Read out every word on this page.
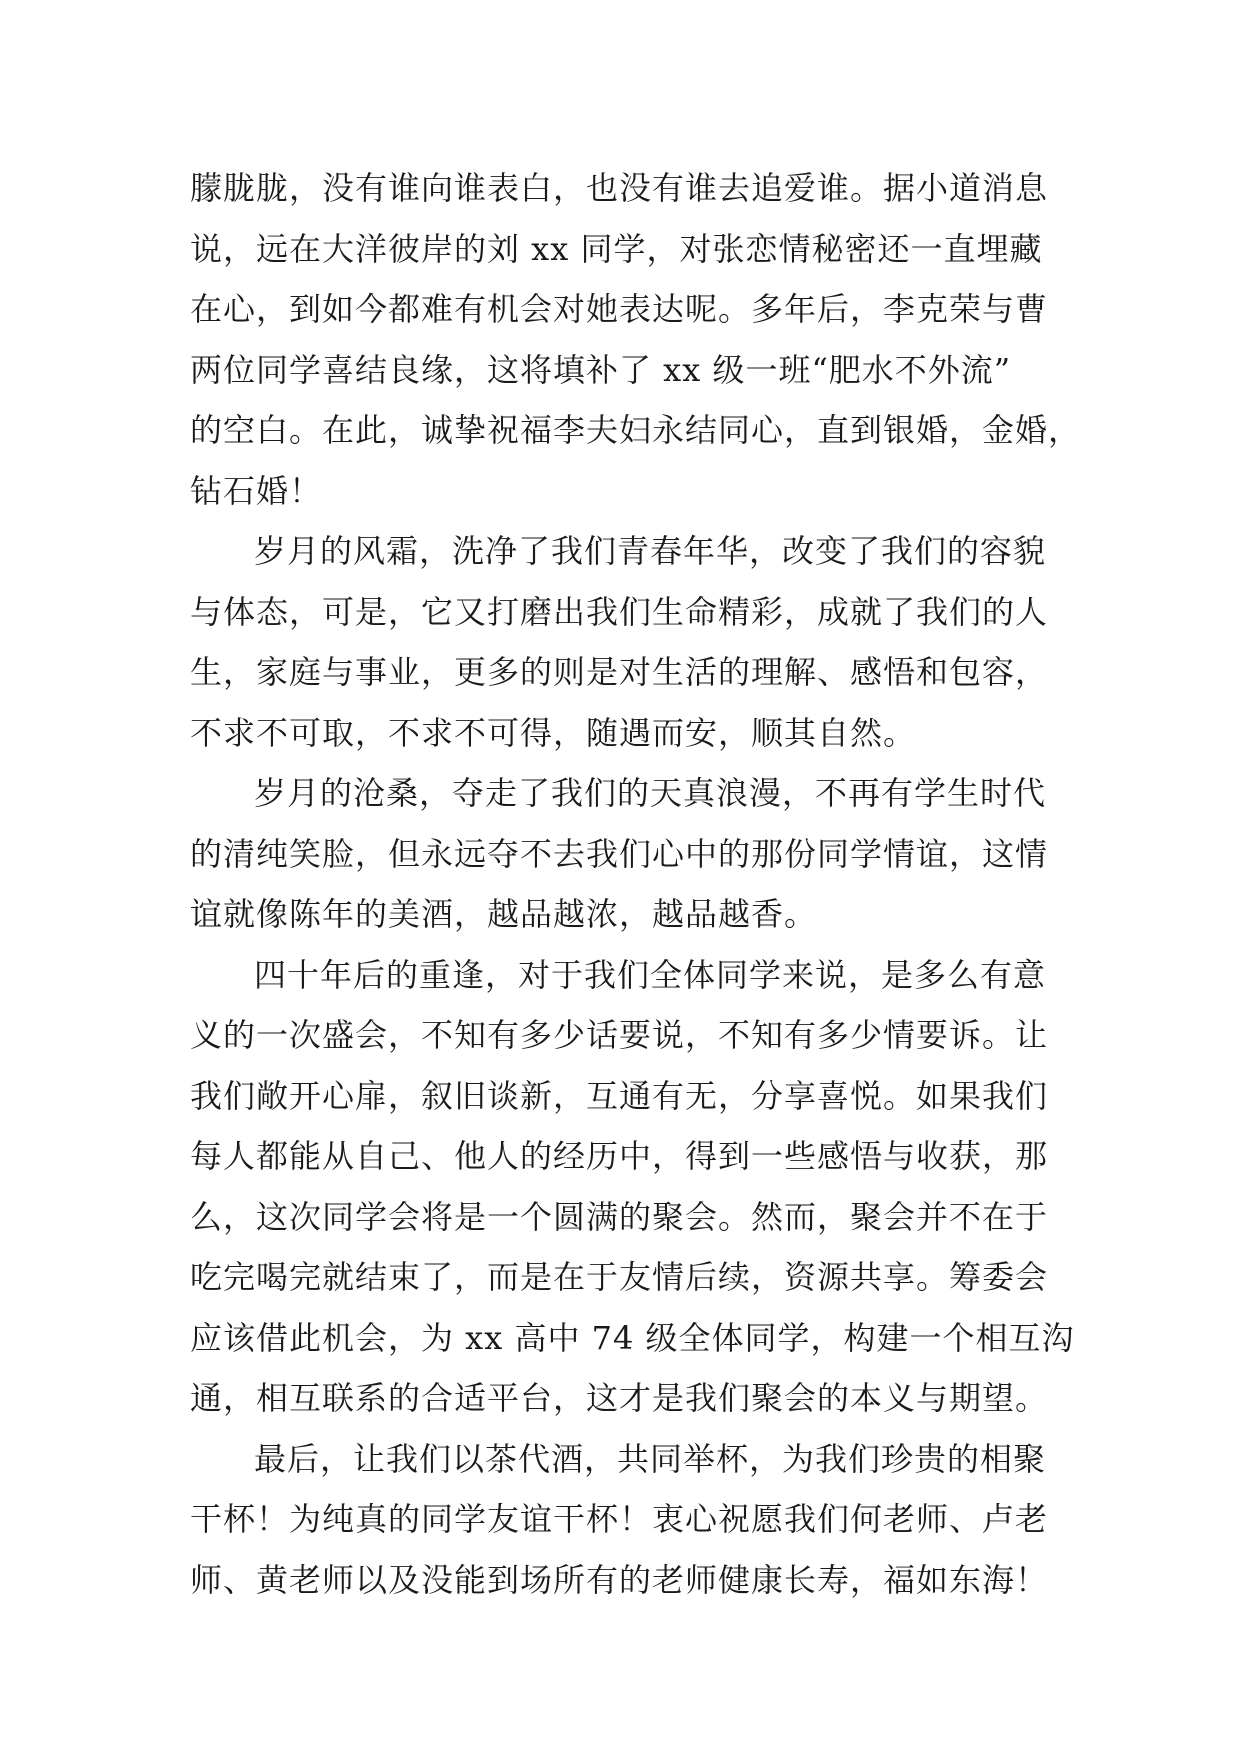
朦胧胧，没有谁向谁表白，也没有谁去追爱谁。据小道消息
说，远在大洋彼岸的刘 xx 同学，对张恋情秘密还一直埋藏
在心，到如今都难有机会对她表达呢。多年后，李克荣与曹
两位同学喜结良缘，这将填补了 xx 级一班“肥水不外流”
的空白。在此，诚挚祝福李夫妇永结同心，直到银婚，金婚，
钻石婚！
岁月的风霜，洗净了我们青春年华，改变了我们的容貌
与体态，可是，它又打磨出我们生命精彩，成就了我们的人
生，家庭与事业，更多的则是对生活的理解、感悟和包容，
不求不可取，不求不可得，随遇而安，顺其自然。
岁月的沧桑，夺走了我们的天真浪漫，不再有学生时代
的清纯笑脸，但永远夺不去我们心中的那份同学情谊，这情
谊就像陈年的美酒，越品越浓，越品越香。
四十年后的重逢，对于我们全体同学来说，是多么有意
义的一次盛会，不知有多少话要说，不知有多少情要诉。让
我们敞开心扉，叙旧谈新，互通有无，分享喜悦。如果我们
每人都能从自己、他人的经历中，得到一些感悟与收获，那
么，这次同学会将是一个圆满的聚会。然而，聚会并不在于
吃完喝完就结束了，而是在于友情后续，资源共享。筹委会
应该借此机会，为 xx 高中 74 级全体同学，构建一个相互沟
通，相互联系的合适平台，这才是我们聚会的本义与期望。
最后，让我们以茶代酒，共同举杯，为我们珍贵的相聚
干杯！为纯真的同学友谊干杯！衷心祝愿我们何老师、卢老
师、黄老师以及没能到场所有的老师健康长寿，福如东海！
